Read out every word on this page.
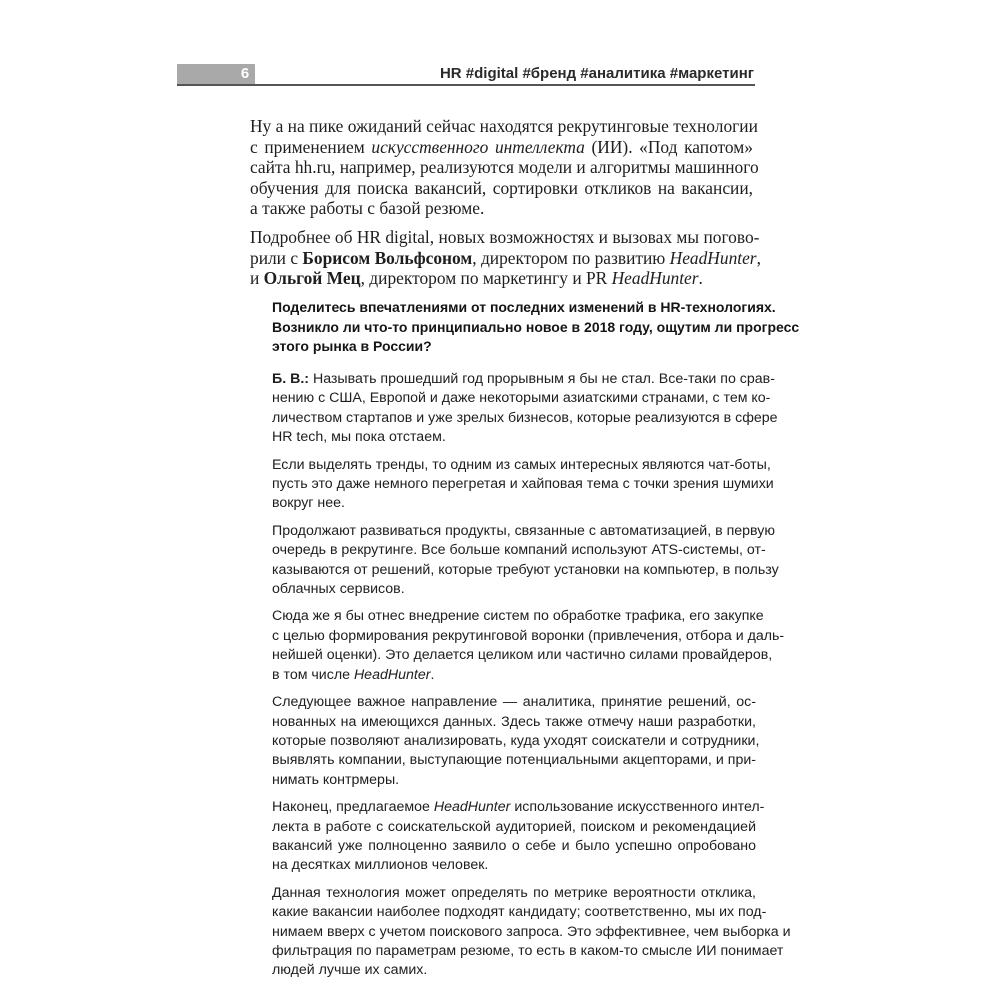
6	HR #digital #бренд #аналитика #маркетинг

Ну а на пике ожиданий сейчас находятся рекрутинговые технологии
с применением искусственного интеллекта (ИИ). «Под капотом»
сайта hh.ru, например, реализуются модели и алгоритмы машинного
обучения для поиска вакансий, сортировки откликов на вакансии,
а также работы с базой резюме.

Подробнее об HR digital, новых возможностях и вызовах мы погово-
рили с Борисом Вольфсоном, директором по развитию HeadHunter,
и Ольгой Мец, директором по маркетингу и PR HeadHunter.

Поделитесь впечатлениями от последних изменений в HR-технологиях.
Возникло ли что-то принципиально новое в 2018 году, ощутим ли прогресс
этого рынка в России?

Б. В.: Называть прошедший год прорывным я бы не стал. Все-таки по срав-
нению с США, Европой и даже некоторыми азиатскими странами, с тем ко-
личеством стартапов и уже зрелых бизнесов, которые реализуются в сфере
HR tech, мы пока отстаем.

Если выделять тренды, то одним из самых интересных являются чат-боты,
пусть это даже немного перегретая и хайповая тема с точки зрения шумихи
вокруг нее.

Продолжают развиваться продукты, связанные с автоматизацией, в первую
очередь в рекрутинге. Все больше компаний используют ATS-системы, от-
казываются от решений, которые требуют установки на компьютер, в пользу
облачных сервисов.

Сюда же я бы отнес внедрение систем по обработке трафика, его закупке
с целью формирования рекрутинговой воронки (привлечения, отбора и даль-
нейшей оценки). Это делается целиком или частично силами провайдеров,
в том числе HeadHunter.

Следующее важное направление — аналитика, принятие решений, ос-
нованных на имеющихся данных. Здесь также отмечу наши разработки,
которые позволяют анализировать, куда уходят соискатели и сотрудники,
выявлять компании, выступающие потенциальными акцепторами, и при-
нимать контрмеры.

Наконец, предлагаемое HeadHunter использование искусственного интел-
лекта в работе с соискательской аудиторией, поиском и рекомендацией
вакансий уже полноценно заявило о себе и было успешно опробовано
на десятках миллионов человек.

Данная технология может определять по метрике вероятности отклика,
какие вакансии наиболее подходят кандидату; соответственно, мы их под-
нимаем вверх с учетом поискового запроса. Это эффективнее, чем выборка и
фильтрация по параметрам резюме, то есть в каком-то смысле ИИ понимает
людей лучше их самих.
